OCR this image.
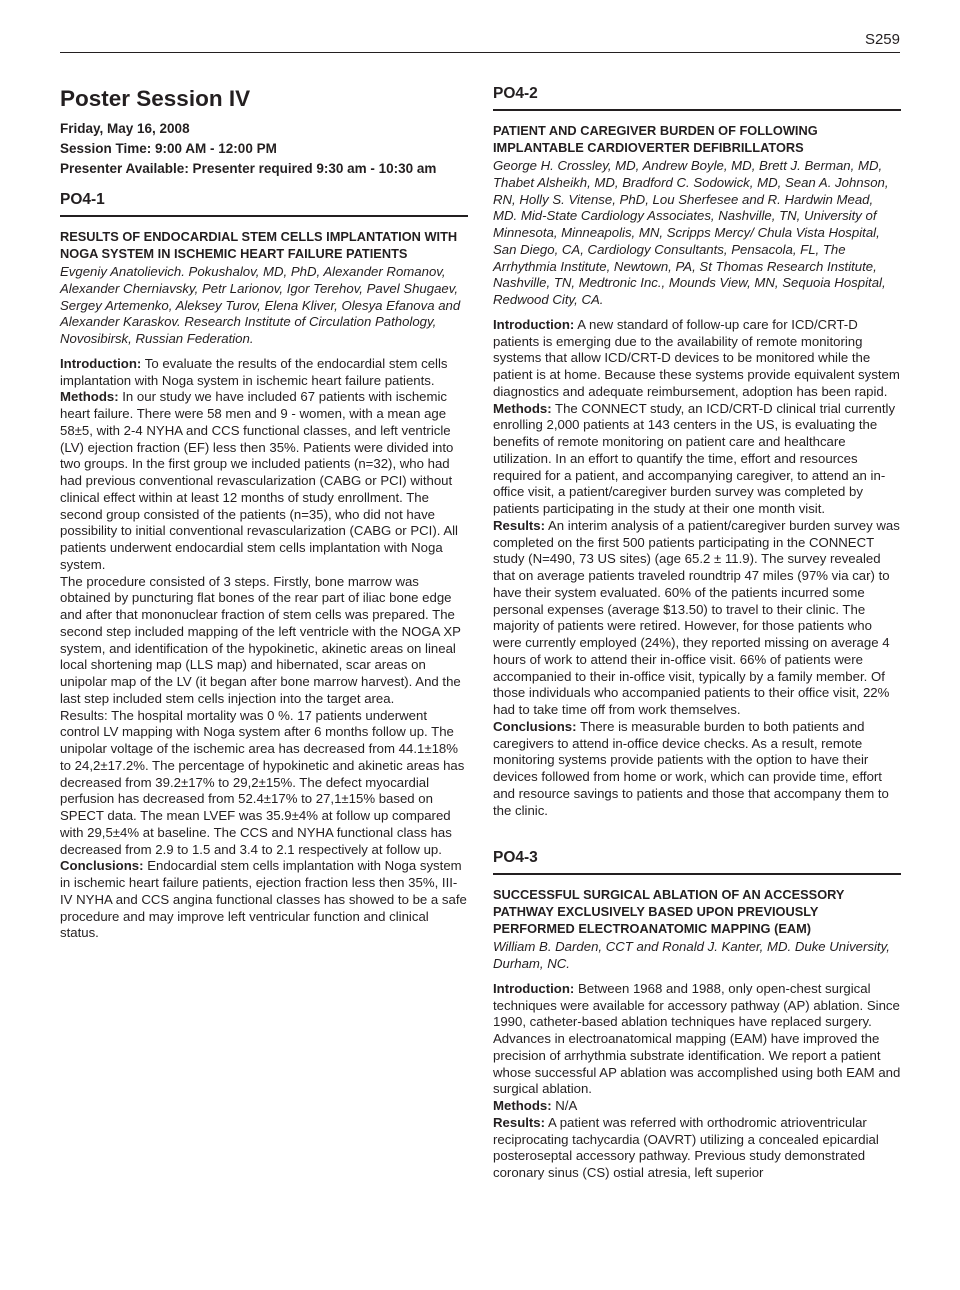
S259
Poster Session IV
Friday, May 16, 2008
Session Time: 9:00 AM - 12:00 PM
Presenter Available: Presenter required 9:30 am - 10:30 am
PO4-1
RESULTS OF ENDOCARDIAL STEM CELLS IMPLANTATION WITH NOGA SYSTEM IN ISCHEMIC HEART FAILURE PATIENTS
Evgeniy Anatolievich. Pokushalov, MD, PhD, Alexander Romanov, Alexander Cherniavsky, Petr Larionov, Igor Terehov, Pavel Shugaev, Sergey Artemenko, Aleksey Turov, Elena Kliver, Olesya Efanova and Alexander Karaskov. Research Institute of Circulation Pathology, Novosibirsk, Russian Federation.

Introduction: To evaluate the results of the endocardial stem cells implantation with Noga system in ischemic heart failure patients.

Methods: In our study we have included 67 patients with ischemic heart failure. There were 58 men and 9 - women, with a mean age 58±5, with 2-4 NYHA and CCS functional classes, and left ventricle (LV) ejection fraction (EF) less then 35%. Patients were divided into two groups. In the first group we included patients (n=32), who had had previous conventional revascularization (CABG or PCI) without clinical effect within at least 12 months of study enrollment. The second group consisted of the patients (n=35), who did not have possibility to initial conventional revascularization (CABG or PCI). All patients underwent endocardial stem cells implantation with Noga system.

The procedure consisted of 3 steps. Firstly, bone marrow was obtained by puncturing flat bones of the rear part of iliac bone edge and after that mononuclear fraction of stem cells was prepared. The second step included mapping of the left ventricle with the NOGA XP system, and identification of the hypokinetic, akinetic areas on lineal local shortening map (LLS map) and hibernated, scar areas on unipolar map of the LV (it began after bone marrow harvest). And the last step included stem cells injection into the target area.

Results: The hospital mortality was 0 %. 17 patients underwent control LV mapping with Noga system after 6 months follow up. The unipolar voltage of the ischemic area has decreased from 44.1±18% to 24,2±17.2%. The percentage of hypokinetic and akinetic areas has decreased from 39.2±17% to 29,2±15%. The defect myocardial perfusion has decreased from 52.4±17% to 27,1±15% based on SPECT data. The mean LVEF was 35.9±4% at follow up compared with 29,5±4% at baseline. The CCS and NYHA functional class has decreased from 2.9 to 1.5 and 3.4 to 2.1 respectively at follow up.

Conclusions: Endocardial stem cells implantation with Noga system in ischemic heart failure patients, ejection fraction less then 35%, III-IV NYHA and CCS angina functional classes has showed to be a safe procedure and may improve left ventricular function and clinical status.

PO4-2
PATIENT AND CAREGIVER BURDEN OF FOLLOWING IMPLANTABLE CARDIOVERTER DEFIBRILLATORS
George H. Crossley, MD, Andrew Boyle, MD, Brett J. Berman, MD, Thabet Alsheikh, MD, Bradford C. Sodowick, MD, Sean A. Johnson, RN, Holly S. Vitense, PhD, Lou Sherfesee and R. Hardwin Mead, MD. Mid-State Cardiology Associates, Nashville, TN, University of Minnesota, Minneapolis, MN, Scripps Mercy/ Chula Vista Hospital, San Diego, CA, Cardiology Consultants, Pensacola, FL, The Arrhythmia Institute, Newtown, PA, St Thomas Research Institute, Nashville, TN, Medtronic Inc., Mounds View, MN, Sequoia Hospital, Redwood City, CA.

Introduction: A new standard of follow-up care for ICD/CRT-D patients is emerging due to the availability of remote monitoring systems that allow ICD/CRT-D devices to be monitored while the patient is at home. Because these systems provide equivalent system diagnostics and adequate reimbursement, adoption has been rapid.

Methods: The CONNECT study, an ICD/CRT-D clinical trial currently enrolling 2,000 patients at 143 centers in the US, is evaluating the benefits of remote monitoring on patient care and healthcare utilization. In an effort to quantify the time, effort and resources required for a patient, and accompanying caregiver, to attend an in-office visit, a patient/caregiver burden survey was completed by patients participating in the study at their one month visit.

Results: An interim analysis of a patient/caregiver burden survey was completed on the first 500 patients participating in the CONNECT study (N=490, 73 US sites) (age 65.2 ± 11.9). The survey revealed that on average patients traveled roundtrip 47 miles (97% via car) to have their system evaluated. 60% of the patients incurred some personal expenses (average $13.50) to travel to their clinic. The majority of patients were retired. However, for those patients who were currently employed (24%), they reported missing on average 4 hours of work to attend their in-office visit. 66% of patients were accompanied to their in-office visit, typically by a family member. Of those individuals who accompanied patients to their office visit, 22% had to take time off from work themselves.

Conclusions: There is measurable burden to both patients and caregivers to attend in-office device checks. As a result, remote monitoring systems provide patients with the option to have their devices followed from home or work, which can provide time, effort and resource savings to patients and those that accompany them to the clinic.

PO4-3
SUCCESSFUL SURGICAL ABLATION OF AN ACCESSORY PATHWAY EXCLUSIVELY BASED UPON PREVIOUSLY PERFORMED ELECTROANATOMIC MAPPING (EAM)
William B. Darden, CCT and Ronald J. Kanter, MD. Duke University, Durham, NC.

Introduction: Between 1968 and 1988, only open-chest surgical techniques were available for accessory pathway (AP) ablation. Since 1990, catheter-based ablation techniques have replaced surgery. Advances in electroanatomical mapping (EAM) have improved the precision of arrhythmia substrate identification. We report a patient whose successful AP ablation was accomplished using both EAM and surgical ablation.

Methods: N/A

Results: A patient was referred with orthodromic atrioventricular reciprocating tachycardia (OAVRT) utilizing a concealed epicardial posteroseptal accessory pathway. Previous study demonstrated coronary sinus (CS) ostial atresia, left superior
